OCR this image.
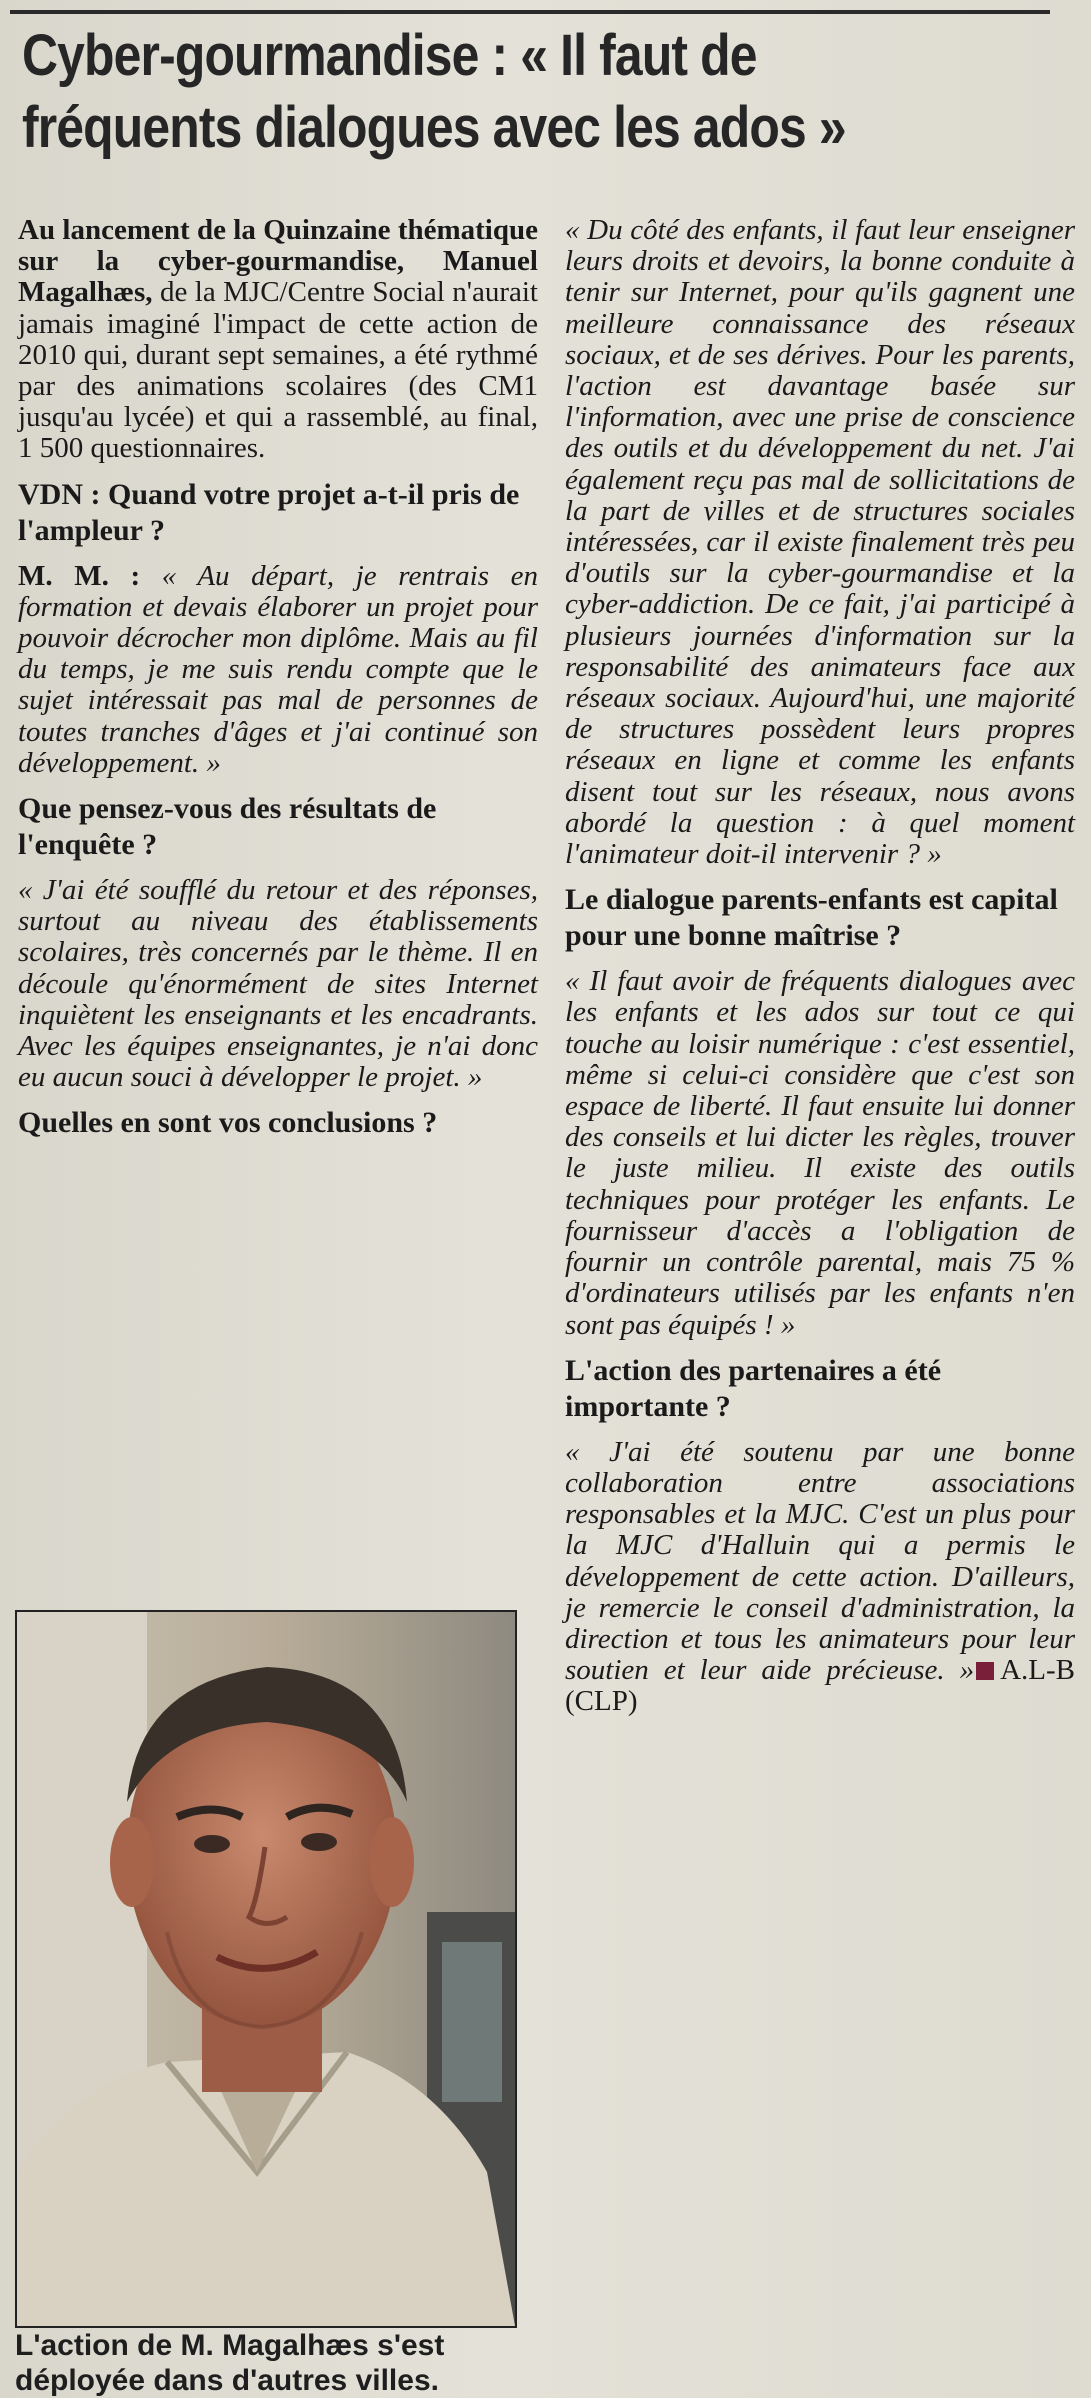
Cyber-gourmandise : « Il faut de
fréquents dialogues avec les ados »

Au lancement de la Quinzaine thématique sur la cyber-gourmandise, Manuel Magalhæs, de la MJC/Centre Social n'aurait jamais imaginé l'impact de cette action de 2010 qui, durant sept semaines, a été rythmé par des animations scolaires (des CM1 jusqu'au lycée) et qui a rassemblé, au final, 1 500 questionnaires.

VDN : Quand votre projet a-t-il pris de l'ampleur ?

M. M. : « Au départ, je rentrais en formation et devais élaborer un projet pour pouvoir décrocher mon diplôme. Mais au fil du temps, je me suis rendu compte que le sujet intéressait pas mal de personnes de toutes tranches d'âges et j'ai continué son développement. »

Que pensez-vous des résultats de l'enquête ?

« J'ai été soufflé du retour et des réponses, surtout au niveau des établissements scolaires, très concernés par le thème. Il en découle qu'énormément de sites Internet inquiètent les enseignants et les encadrants. Avec les équipes enseignantes, je n'ai donc eu aucun souci à développer le projet. »

Quelles en sont vos conclusions ?
L'action de M. Magalhæs s'est déployée dans d'autres villes.

« Du côté des enfants, il faut leur enseigner leurs droits et devoirs, la bonne conduite à tenir sur Internet, pour qu'ils gagnent une meilleure connaissance des réseaux sociaux, et de ses dérives. Pour les parents, l'action est davantage basée sur l'information, avec une prise de conscience des outils et du développement du net. J'ai également reçu pas mal de sollicitations de la part de villes et de structures sociales intéressées, car il existe finalement très peu d'outils sur la cyber-gourmandise et la cyber-addiction. De ce fait, j'ai participé à plusieurs journées d'information sur la responsabilité des animateurs face aux réseaux sociaux. Aujourd'hui, une majorité de structures possèdent leurs propres réseaux en ligne et comme les enfants disent tout sur les réseaux, nous avons abordé la question : à quel moment l'animateur doit-il intervenir ? »

Le dialogue parents-enfants est capital pour une bonne maîtrise ?

« Il faut avoir de fréquents dialogues avec les enfants et les ados sur tout ce qui touche au loisir numérique : c'est essentiel, même si celui-ci considère que c'est son espace de liberté. Il faut ensuite lui donner des conseils et lui dicter les règles, trouver le juste milieu. Il existe des outils techniques pour protéger les enfants. Le fournisseur d'accès a l'obligation de fournir un contrôle parental, mais 75 % d'ordinateurs utilisés par les enfants n'en sont pas équipés ! »

L'action des partenaires a été importante ?

« J'ai été soutenu par une bonne collaboration entre associations responsables et la MJC. C'est un plus pour la MJC d'Halluin qui a permis le développement de cette action. D'ailleurs, je remercie le conseil d'administration, la direction et tous les animateurs pour leur soutien et leur aide précieuse. » A.L-B (CLP)
